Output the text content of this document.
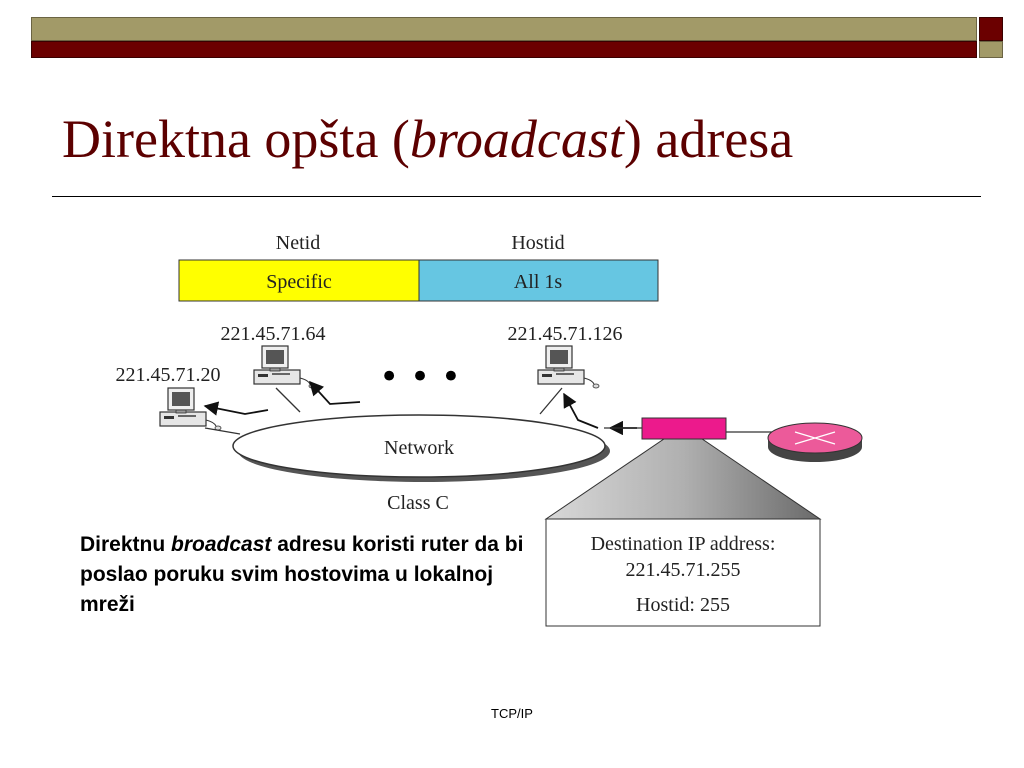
Direktna opšta (broadcast) adresa
Netid	Hostid
Specific	All 1s
221.45.71.64	221.45.71.126
221.45.71.20	• • •
Network
Class C
Destination IP address:
221.45.71.255
Hostid: 255
Direktnu broadcast adresu koristi ruter da bi poslao poruku svim hostovima u lokalnoj mreži
TCP/IP
